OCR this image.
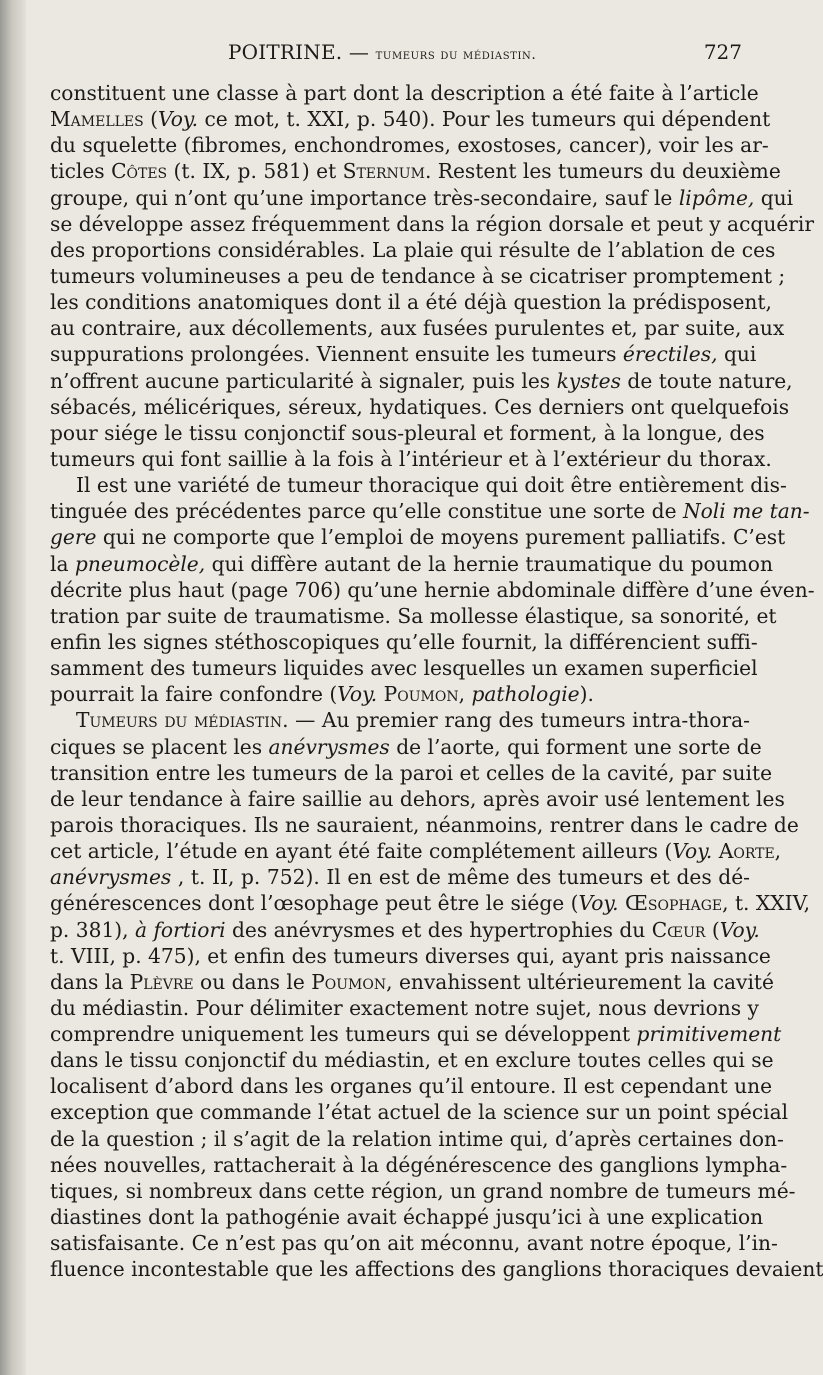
POITRINE. — tumeurs du médiastin.	727
constituent une classe à part dont la description a été faite à l’article
Mamelles (Voy. ce mot, t. XXI, p. 540). Pour les tumeurs qui dépendent
du squelette (fibromes, enchondromes, exostoses, cancer), voir les ar-
ticles Côtes (t. IX, p. 581) et Sternum. Restent les tumeurs du deuxième
groupe, qui n’ont qu’une importance très-secondaire, sauf le lipôme, qui
se développe assez fréquemment dans la région dorsale et peut y acquérir
des proportions considérables. La plaie qui résulte de l’ablation de ces
tumeurs volumineuses a peu de tendance à se cicatriser promptement ;
les conditions anatomiques dont il a été déjà question la prédisposent,
au contraire, aux décollements, aux fusées purulentes et, par suite, aux
suppurations prolongées. Viennent ensuite les tumeurs érectiles, qui
n’offrent aucune particularité à signaler, puis les kystes de toute nature,
sébacés, mélicériques, séreux, hydatiques. Ces derniers ont quelquefois
pour siége le tissu conjonctif sous-pleural et forment, à la longue, des
tumeurs qui font saillie à la fois à l’intérieur et à l’extérieur du thorax.
Il est une variété de tumeur thoracique qui doit être entièrement dis-
tinguée des précédentes parce qu’elle constitue une sorte de Noli me tan-
gere qui ne comporte que l’emploi de moyens purement palliatifs. C’est
la pneumocèle, qui diffère autant de la hernie traumatique du poumon
décrite plus haut (page 706) qu’une hernie abdominale diffère d’une éven-
tration par suite de traumatisme. Sa mollesse élastique, sa sonorité, et
enfin les signes stéthoscopiques qu’elle fournit, la différencient suffi-
samment des tumeurs liquides avec lesquelles un examen superficiel
pourrait la faire confondre (Voy. Poumon, pathologie).
Tumeurs du médiastin. — Au premier rang des tumeurs intra-thora-
ciques se placent les anévrysmes de l’aorte, qui forment une sorte de
transition entre les tumeurs de la paroi et celles de la cavité, par suite
de leur tendance à faire saillie au dehors, après avoir usé lentement les
parois thoraciques. Ils ne sauraient, néanmoins, rentrer dans le cadre de
cet article, l’étude en ayant été faite complétement ailleurs (Voy. Aorte,
anévrysmes , t. II, p. 752). Il en est de même des tumeurs et des dé-
générescences dont l’œsophage peut être le siége (Voy. Œsophage, t. XXIV,
p. 381), à fortiori des anévrysmes et des hypertrophies du Cœur (Voy.
t. VIII, p. 475), et enfin des tumeurs diverses qui, ayant pris naissance
dans la Plèvre ou dans le Poumon, envahissent ultérieurement la cavité
du médiastin. Pour délimiter exactement notre sujet, nous devrions y
comprendre uniquement les tumeurs qui se développent primitivement
dans le tissu conjonctif du médiastin, et en exclure toutes celles qui se
localisent d’abord dans les organes qu’il entoure. Il est cependant une
exception que commande l’état actuel de la science sur un point spécial
de la question ; il s’agit de la relation intime qui, d’après certaines don-
nées nouvelles, rattacherait à la dégénérescence des ganglions lympha-
tiques, si nombreux dans cette région, un grand nombre de tumeurs mé-
diastines dont la pathogénie avait échappé jusqu’ici à une explication
satisfaisante. Ce n’est pas qu’on ait méconnu, avant notre époque, l’in-
fluence incontestable que les affections des ganglions thoraciques devaient
